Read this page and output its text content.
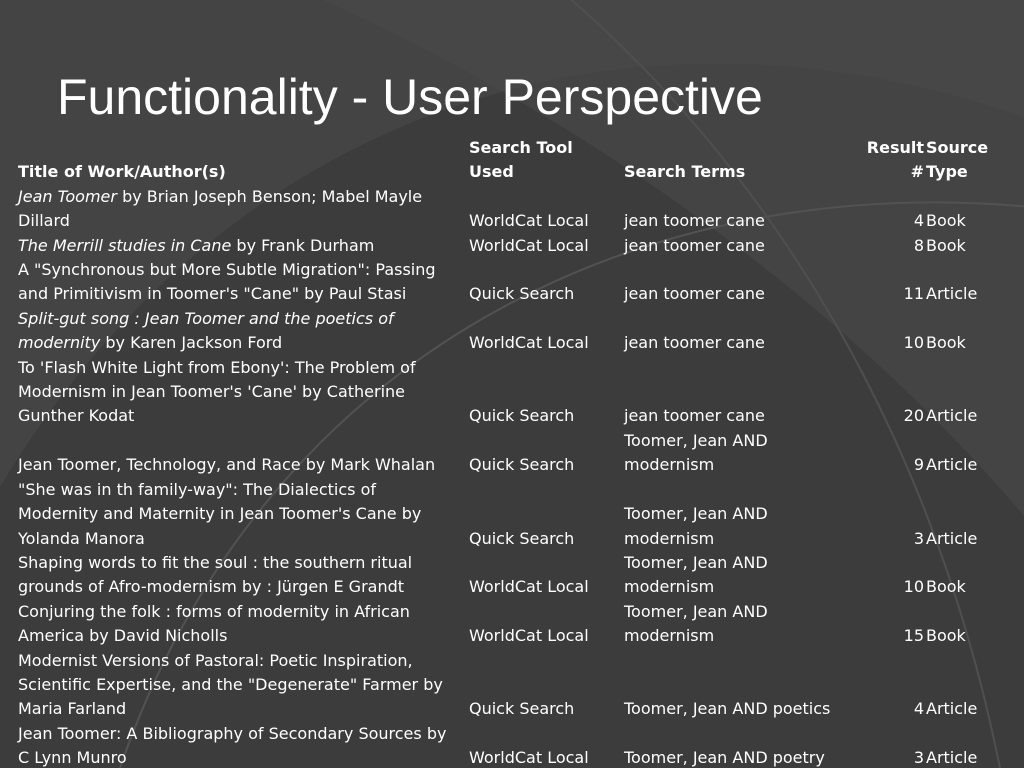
Functionality - User Perspective
Title of Work/Author(s)	Search Tool Used	Search Terms	Result #	Source Type
Jean Toomer by Brian Joseph Benson; Mabel Mayle Dillard	WorldCat Local	jean toomer cane	4	Book
The Merrill studies in Cane by Frank Durham	WorldCat Local	jean toomer cane	8	Book
A "Synchronous but More Subtle Migration": Passing and Primitivism in Toomer's "Cane" by Paul Stasi	Quick Search	jean toomer cane	11	Article
Split-gut song : Jean Toomer and the poetics of modernity by Karen Jackson Ford	WorldCat Local	jean toomer cane	10	Book
To 'Flash White Light from Ebony': The Problem of Modernism in Jean Toomer's 'Cane' by Catherine Gunther Kodat	Quick Search	jean toomer cane	20	Article
Jean Toomer, Technology, and Race by Mark Whalan	Quick Search	Toomer, Jean AND modernism	9	Article
"She was in th family-way": The Dialectics of Modernity and Maternity in Jean Toomer's Cane by Yolanda Manora	Quick Search	Toomer, Jean AND modernism	3	Article
Shaping words to fit the soul : the southern ritual grounds of Afro-modernism by : Jürgen E Grandt	WorldCat Local	Toomer, Jean AND modernism	10	Book
Conjuring the folk : forms of modernity in African America by David Nicholls	WorldCat Local	Toomer, Jean AND modernism	15	Book
Modernist Versions of Pastoral: Poetic Inspiration, Scientific Expertise, and the "Degenerate" Farmer by Maria Farland	Quick Search	Toomer, Jean AND poetics	4	Article
Jean Toomer: A Bibliography of Secondary Sources by C Lynn Munro	WorldCat Local	Toomer, Jean AND poetry	3	Article
